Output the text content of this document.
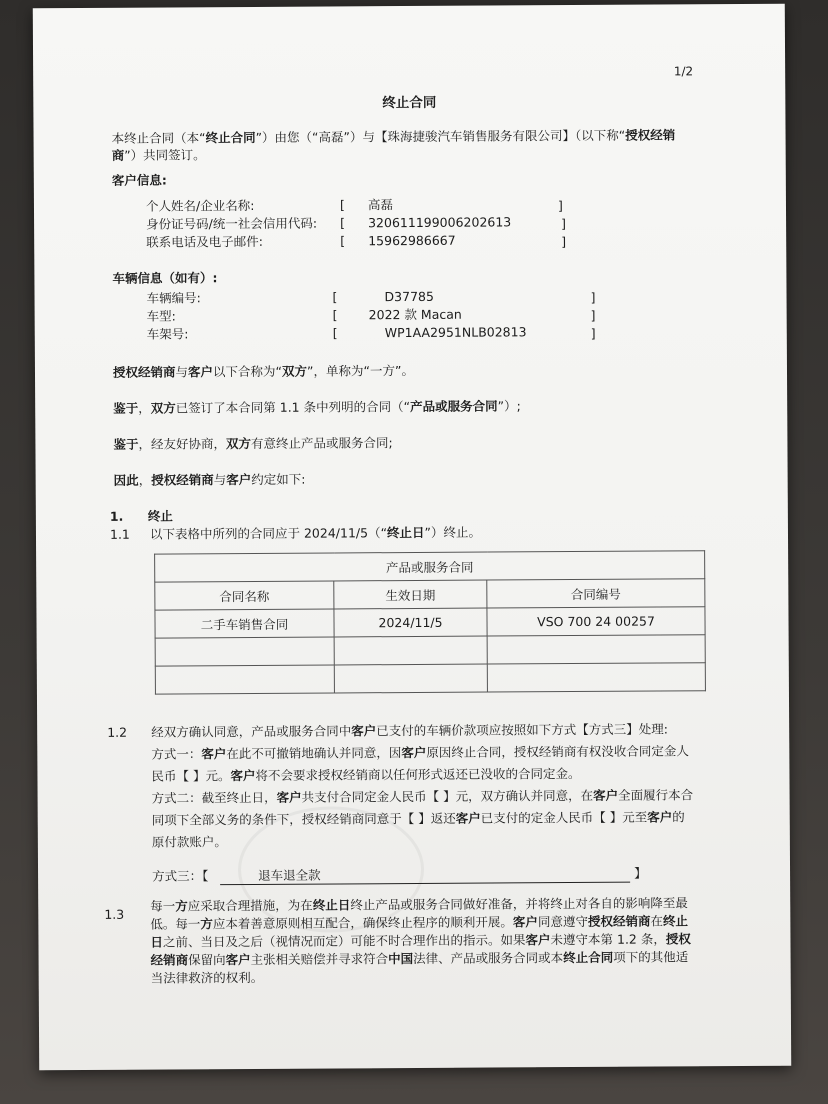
1/2
终止合同
本终止合同（本“终止合同”）由您（“高磊”）与【珠海捷骏汽车销售服务有限公司】（以下称“授权经销
商”）共同签订。
客户信息:
个人姓名/企业名称:	[ 高磊	]
身份证号码/统一社会信用代码: [ 320611199006202613	]
联系电话及电子邮件:	[ 15962986667	]
车辆信息（如有）:
车辆编号:	[	D37785	]
车型:	[ 2022 款 Macan	]
车架号:	[	WP1AA2951NLB02813	]
授权经销商与客户以下合称为“双方”，单称为“一方”。
鉴于，双方已签订了本合同第 1.1 条中列明的合同（“产品或服务合同”）;
鉴于，经友好协商，双方有意终止产品或服务合同;
因此，授权经销商与客户约定如下:
1. 终止
1.1 以下表格中所列的合同应于 2024/11/5（“终止日”）终止。
产品或服务合同		
合同名称	生效日期	合同编号
二手车销售合同	2024/11/5	VSO 700 24 00257

1.2 经双方确认同意，产品或服务合同中客户已支付的车辆价款项应按照如下方式【方式三】处理:
方式一：客户在此不可撤销地确认并同意，因客户原因终止合同，授权经销商有权没收合同定金人
民币【 】元。客户将不会要求授权经销商以任何形式返还已没收的合同定金。
方式二：截至终止日，客户共支付合同定金人民币【 】元，双方确认并同意，在客户全面履行本合
同项下全部义务的条件下，授权经销商同意于【 】返还客户已支付的定金人民币【 】元至客户的
原付款账户。
方式三：【	退车退全款	】
1.3
每一方应采取合理措施，为在终止日终止产品或服务合同做好准备，并将终止对各自的影响降至最
低。每一方应本着善意原则相互配合，确保终止程序的顺利开展。客户同意遵守授权经销商在终止
日之前、当日及之后（视情况而定）可能不时合理作出的指示。如果客户未遵守本第 1.2 条，授权
经销商保留向客户主张相关赔偿并寻求符合中国法律、产品或服务合同或本终止合同项下的其他适
当法律救济的权利。
